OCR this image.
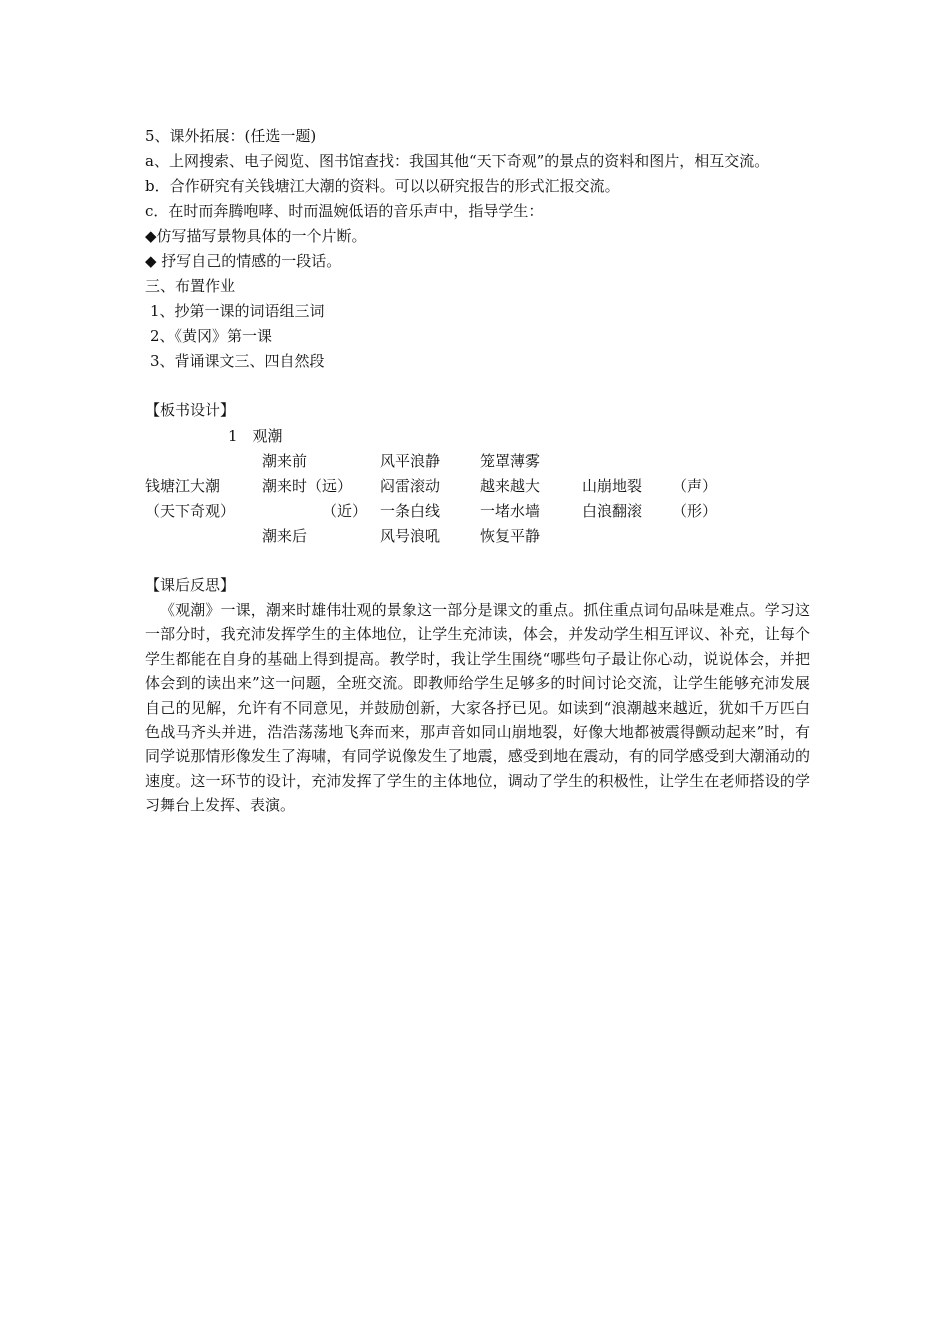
5、课外拓展：(任选一题)
a、上网搜索、电子阅览、图书馆查找：我国其他“天下奇观”的景点的资料和图片，相互交流。
b．合作研究有关钱塘江大潮的资料。可以以研究报告的形式汇报交流。
c．在时而奔腾咆哮、时而温婉低语的音乐声中，指导学生：
◆仿写描写景物具体的一个片断。
◆ 抒写自己的情感的一段话。
三、布置作业
1、抄第一课的词语组三词
2、《黄冈》第一课
3、背诵课文三、四自然段
【板书设计】
1　观潮
潮来前	风平浪静	笼罩薄雾
钱塘江大潮	潮来时（远） 闷雷滚动	越来越大	山崩地裂 （声）
（天下奇观）	（近） 一条白线	一堵水墙	白浪翻滚 （形）
潮来后	风号浪吼	恢复平静
【课后反思】
《观潮》一课，潮来时雄伟壮观的景象这一部分是课文的重点。抓住重点词句品味是难点。学习这一部分时，我充沛发挥学生的主体地位，让学生充沛读，体会，并发动学生相互评议、补充，让每个学生都能在自身的基础上得到提高。教学时，我让学生围绕“哪些句子最让你心动，说说体会，并把体会到的读出来”这一问题，全班交流。即教师给学生足够多的时间讨论交流，让学生能够充沛发展自己的见解，允许有不同意见，并鼓励创新，大家各抒已见。如读到“浪潮越来越近，犹如千万匹白色战马齐头并进，浩浩荡荡地飞奔而来，那声音如同山崩地裂，好像大地都被震得颤动起来”时，有同学说那情形像发生了海啸，有同学说像发生了地震，感受到地在震动，有的同学感受到大潮涌动的速度。这一环节的设计，充沛发挥了学生的主体地位，调动了学生的积极性，让学生在老师搭设的学习舞台上发挥、表演。
